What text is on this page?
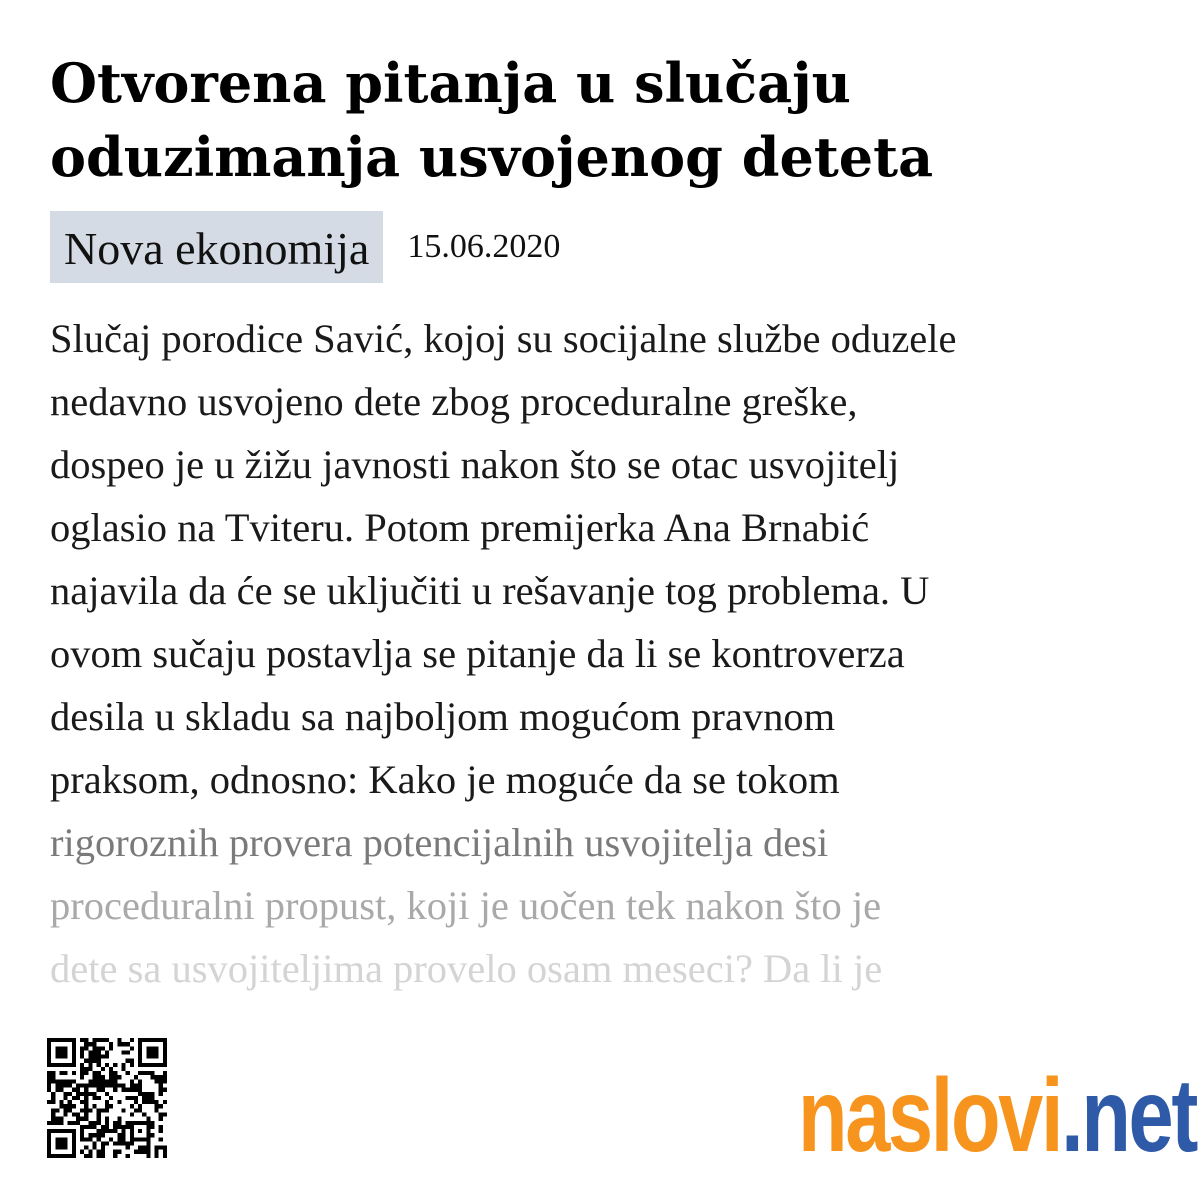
Otvorena pitanja u slučaju
oduzimanja usvojenog deteta
Nova ekonomija	15.06.2020
Slučaj porodice Savić, kojoj su socijalne službe oduzele
nedavno usvojeno dete zbog proceduralne greške,
dospeo je u žižu javnosti nakon što se otac usvojitelj
oglasio na Tviteru. Potom premijerka Ana Brnabić
najavila da će se uključiti u rešavanje tog problema. U
ovom sučaju postavlja se pitanje da li se kontroverza
desila u skladu sa najboljom mogućom pravnom
praksom, odnosno: Kako je moguće da se tokom
rigoroznih provera potencijalnih usvojitelja desi
proceduralni propust, koji je uočen tek nakon što je
dete sa usvojiteljima provelo osam meseci? Da li je
naslovi .net
